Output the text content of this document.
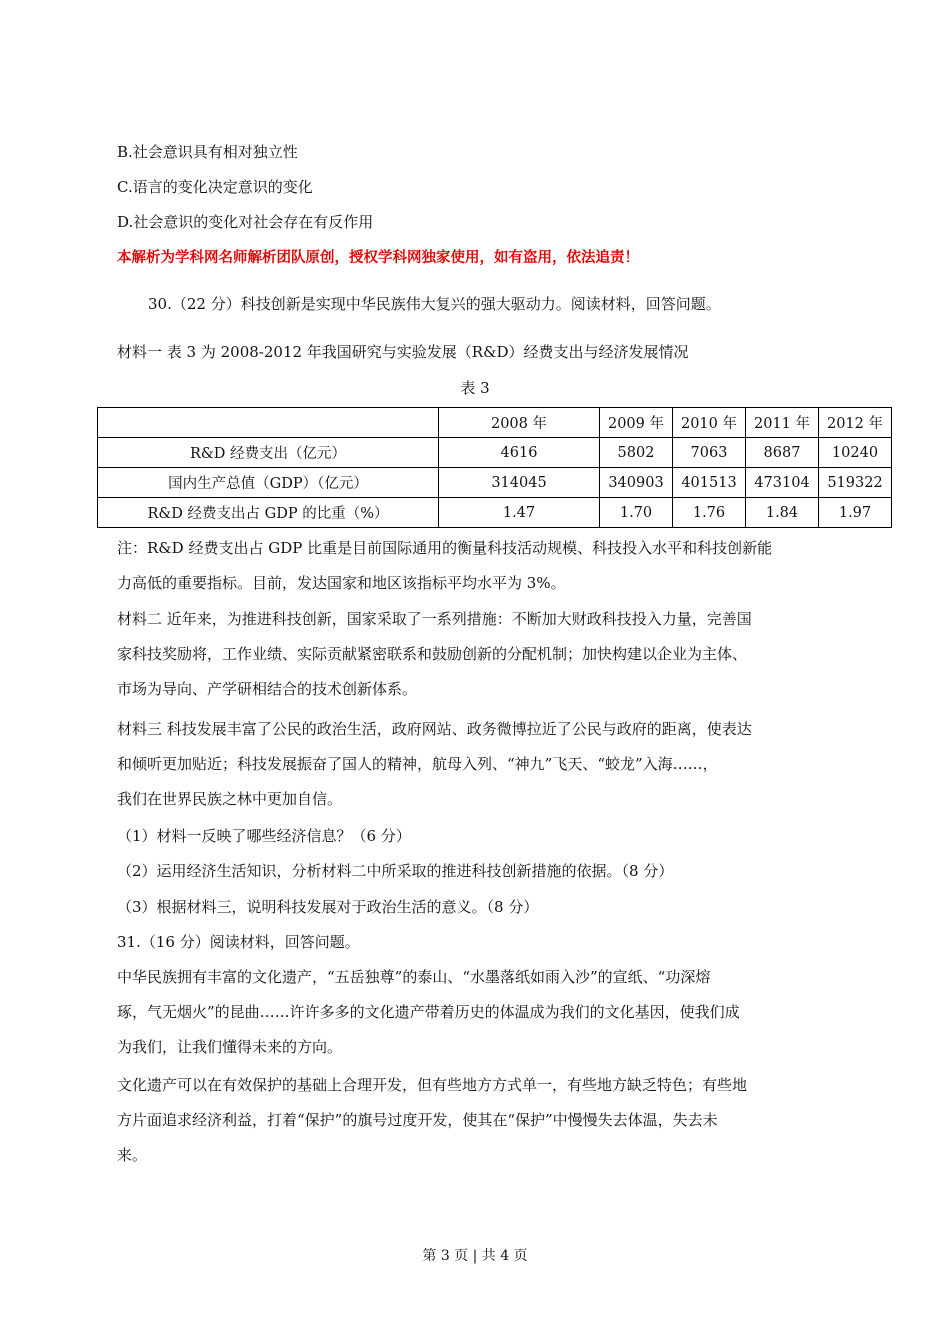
B.社会意识具有相对独立性
C.语言的变化决定意识的变化
D.社会意识的变化对社会存在有反作用
本解析为学科网名师解析团队原创，授权学科网独家使用，如有盗用，依法追责！
30.（22 分）科技创新是实现中华民族伟大复兴的强大驱动力。阅读材料，回答问题。
材料一 表 3 为 2008-2012 年我国研究与实验发展（R&D）经费支出与经济发展情况
表 3
	2008 年	2009 年	2010 年	2011 年	2012 年
R&D 经费支出（亿元）	4616	5802	7063	8687	10240
国内生产总值（GDP）（亿元）	314045	340903	401513	473104	519322
R&D 经费支出占 GDP 的比重（%）	1.47	1.70	1.76	1.84	1.97
注：R&D 经费支出占 GDP 比重是目前国际通用的衡量科技活动规模、科技投入水平和科技创新能
力高低的重要指标。目前，发达国家和地区该指标平均水平为 3%。
材料二 近年来，为推进科技创新，国家采取了一系列措施：不断加大财政科技投入力量，完善国
家科技奖励将，工作业绩、实际贡献紧密联系和鼓励创新的分配机制；加快构建以企业为主体、
市场为导向、产学研相结合的技术创新体系。
材料三 科技发展丰富了公民的政治生活，政府网站、政务微博拉近了公民与政府的距离，使表达
和倾听更加贴近；科技发展振奋了国人的精神，航母入列、“神九”飞天、“蛟龙”入海……，
我们在世界民族之林中更加自信。
（1）材料一反映了哪些经济信息？（6 分）
（2）运用经济生活知识，分析材料二中所采取的推进科技创新措施的依据。（8 分）
（3）根据材料三，说明科技发展对于政治生活的意义。（8 分）
31.（16 分）阅读材料，回答问题。
中华民族拥有丰富的文化遗产，“五岳独尊”的泰山、“水墨落纸如雨入沙”的宣纸、“功深熔
琢，气无烟火”的昆曲……许许多多的文化遗产带着历史的体温成为我们的文化基因，使我们成
为我们，让我们懂得未来的方向。
文化遗产可以在有效保护的基础上合理开发，但有些地方方式单一，有些地方缺乏特色；有些地
方片面追求经济利益，打着“保护”的旗号过度开发，使其在“保护”中慢慢失去体温，失去未
来。
第 3 页 | 共 4 页
